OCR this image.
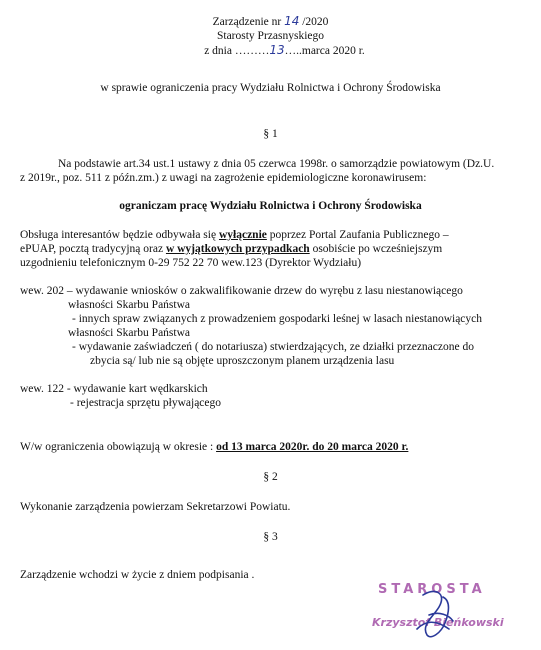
Zarządzenie nr 14 /2020
Starosty Przasnyskiego
z dnia ………13…..marca 2020 r.
w sprawie ograniczenia pracy Wydziału Rolnictwa i Ochrony Środowiska
§ 1
Na podstawie art.34 ust.1 ustawy z dnia 05 czerwca 1998r. o samorządzie powiatowym (Dz.U.
z 2019r., poz. 511 z późn.zm.) z uwagi na zagrożenie epidemiologiczne koronawirusem:
ograniczam pracę Wydziału Rolnictwa i Ochrony Środowiska
Obsługa interesantów będzie odbywała się wyłącznie poprzez Portal Zaufania Publicznego –
ePUAP, pocztą tradycyjną oraz w wyjątkowych przypadkach osobiście po wcześniejszym
uzgodnieniu telefonicznym 0-29 752 22 70 wew.123 (Dyrektor Wydziału)
wew. 202 – wydawanie wniosków o zakwalifikowanie drzew do wyrębu z lasu niestanowiącego
własności Skarbu Państwa
- innych spraw związanych z prowadzeniem gospodarki leśnej w lasach niestanowiących
własności Skarbu Państwa
- wydawanie zaświadczeń ( do notariusza) stwierdzających, ze działki przeznaczone do
zbycia są/ lub nie są objęte uproszczonym planem urządzenia lasu
wew. 122 - wydawanie kart wędkarskich
- rejestracja sprzętu pływającego
W/w ograniczenia obowiązują w okresie : od 13 marca 2020r. do 20 marca 2020 r.
§ 2
Wykonanie zarządzenia powierzam Sekretarzowi Powiatu.
§ 3
Zarządzenie wchodzi w życie z dniem podpisania .
STAROSTA
Krzysztof Bieńkowski
